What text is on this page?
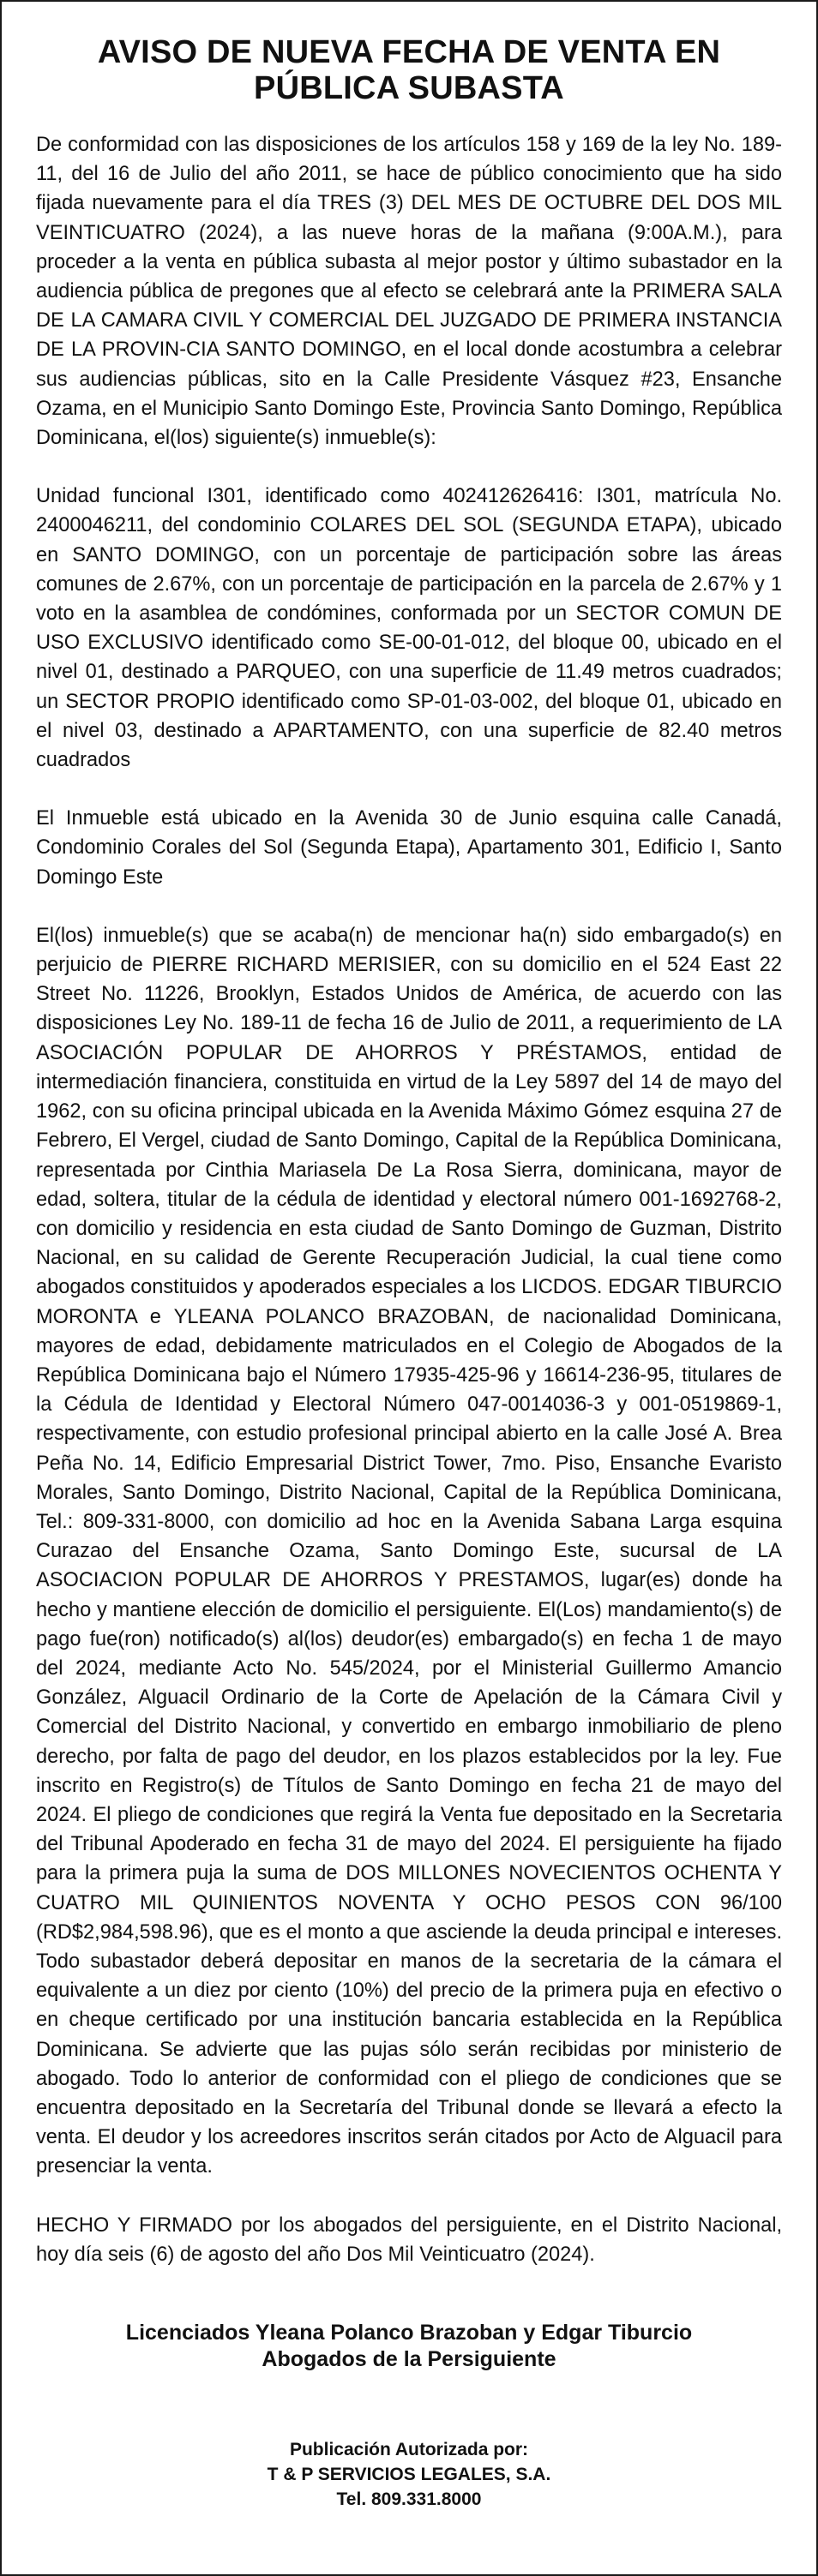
AVISO DE NUEVA FECHA DE VENTA EN
PÚBLICA SUBASTA

De conformidad con las disposiciones de los artículos 158 y 169 de la ley No. 189-11, del 16 de Julio del año 2011, se hace de público conocimiento que ha sido fijada nuevamente para el día TRES (3) DEL MES DE OCTUBRE DEL DOS MIL VEINTICUATRO (2024), a las nueve horas de la mañana (9:00A.M.), para proceder a la venta en pública subasta al mejor postor y último subastador en la audiencia pública de pregones que al efecto se celebrará ante la PRIMERA SALA DE LA CAMARA CIVIL Y COMERCIAL DEL JUZGADO DE PRIMERA INSTANCIA DE LA PROVIN-CIA SANTO DOMINGO, en el local donde acostumbra a celebrar sus audiencias públicas, sito en la Calle Presidente Vásquez #23, Ensanche Ozama, en el Municipio Santo Domingo Este, Provincia Santo Domingo, República Dominicana, el(los) siguiente(s) inmueble(s):

Unidad funcional I301, identificado como 402412626416: I301, matrícula No. 2400046211, del condominio COLARES DEL SOL (SEGUNDA ETAPA), ubicado en SANTO DOMINGO, con un porcentaje de participación sobre las áreas comunes de 2.67%, con un porcentaje de participación en la parcela de 2.67% y 1 voto en la asamblea de condómines, conformada por un SECTOR COMUN DE USO EXCLUSIVO identificado como SE-00-01-012, del bloque 00, ubicado en el nivel 01, destinado a PARQUEO, con una superficie de 11.49 metros cuadrados; un SECTOR PROPIO identificado como SP-01-03-002, del bloque 01, ubicado en el nivel 03, destinado a APARTAMENTO, con una superficie de 82.40 metros cuadrados

El Inmueble está ubicado en la Avenida 30 de Junio esquina calle Canadá, Condominio Corales del Sol (Segunda Etapa), Apartamento 301, Edificio I, Santo Domingo Este

El(los) inmueble(s) que se acaba(n) de mencionar ha(n) sido embargado(s) en perjuicio de PIERRE RICHARD MERISIER, con su domicilio en el 524 East 22 Street No. 11226, Brooklyn, Estados Unidos de América, de acuerdo con las disposiciones Ley No. 189-11 de fecha 16 de Julio de 2011, a requerimiento de LA ASOCIACIÓN POPULAR DE AHORROS Y PRÉSTAMOS, entidad de intermediación financiera, constituida en virtud de la Ley 5897 del 14 de mayo del 1962, con su oficina principal ubicada en la Avenida Máximo Gómez esquina 27 de Febrero, El Vergel, ciudad de Santo Domingo, Capital de la República Dominicana, representada por Cinthia Mariasela De La Rosa Sierra, dominicana, mayor de edad, soltera, titular de la cédula de identidad y electoral número 001-1692768-2, con domicilio y residencia en esta ciudad de Santo Domingo de Guzman, Distrito Nacional, en su calidad de Gerente Recuperación Judicial, la cual tiene como abogados constituidos y apoderados especiales a los LICDOS. EDGAR TIBURCIO MORONTA e YLEANA POLANCO BRAZOBAN, de nacionalidad Dominicana, mayores de edad, debidamente matriculados en el Colegio de Abogados de la República Dominicana bajo el Número 17935-425-96 y 16614-236-95, titulares de la Cédula de Identidad y Electoral Número 047-0014036-3 y 001-0519869-1, respectivamente, con estudio profesional principal abierto en la calle José A. Brea Peña No. 14, Edificio Empresarial District Tower, 7mo. Piso, Ensanche Evaristo Morales, Santo Domingo, Distrito Nacional, Capital de la República Dominicana, Tel.: 809-331-8000, con domicilio ad hoc en la Avenida Sabana Larga esquina Curazao del Ensanche Ozama, Santo Domingo Este, sucursal de LA ASOCIACION POPULAR DE AHORROS Y PRESTAMOS, lugar(es) donde ha hecho y mantiene elección de domicilio el persiguiente. El(Los) mandamiento(s) de pago fue(ron) notificado(s) al(los) deudor(es) embargado(s) en fecha 1 de mayo del 2024, mediante Acto No. 545/2024, por el Ministerial Guillermo Amancio González, Alguacil Ordinario de la Corte de Apelación de la Cámara Civil y Comercial del Distrito Nacional, y convertido en embargo inmobiliario de pleno derecho, por falta de pago del deudor, en los plazos establecidos por la ley. Fue inscrito en Registro(s) de Títulos de Santo Domingo en fecha 21 de mayo del 2024. El pliego de condiciones que regirá la Venta fue depositado en la Secretaria del Tribunal Apoderado en fecha 31 de mayo del 2024. El persiguiente ha fijado para la primera puja la suma de DOS MILLONES NOVECIENTOS OCHENTA Y CUATRO MIL QUINIENTOS NOVENTA Y OCHO PESOS CON 96/100 (RD$2,984,598.96), que es el monto a que asciende la deuda principal e intereses. Todo subastador deberá depositar en manos de la secretaria de la cámara el equivalente a un diez por ciento (10%) del precio de la primera puja en efectivo o en cheque certificado por una institución bancaria establecida en la República Dominicana. Se advierte que las pujas sólo serán recibidas por ministerio de abogado. Todo lo anterior de conformidad con el pliego de condiciones que se encuentra depositado en la Secretaría del Tribunal donde se llevará a efecto la venta. El deudor y los acreedores inscritos serán citados por Acto de Alguacil para presenciar la venta.

HECHO Y FIRMADO por los abogados del persiguiente, en el Distrito Nacional, hoy día seis (6) de agosto del año Dos Mil Veinticuatro (2024).

Licenciados Yleana Polanco Brazoban y Edgar Tiburcio
Abogados de la Persiguiente
Publicación Autorizada por:
T & P SERVICIOS LEGALES, S.A.
Tel. 809.331.8000
